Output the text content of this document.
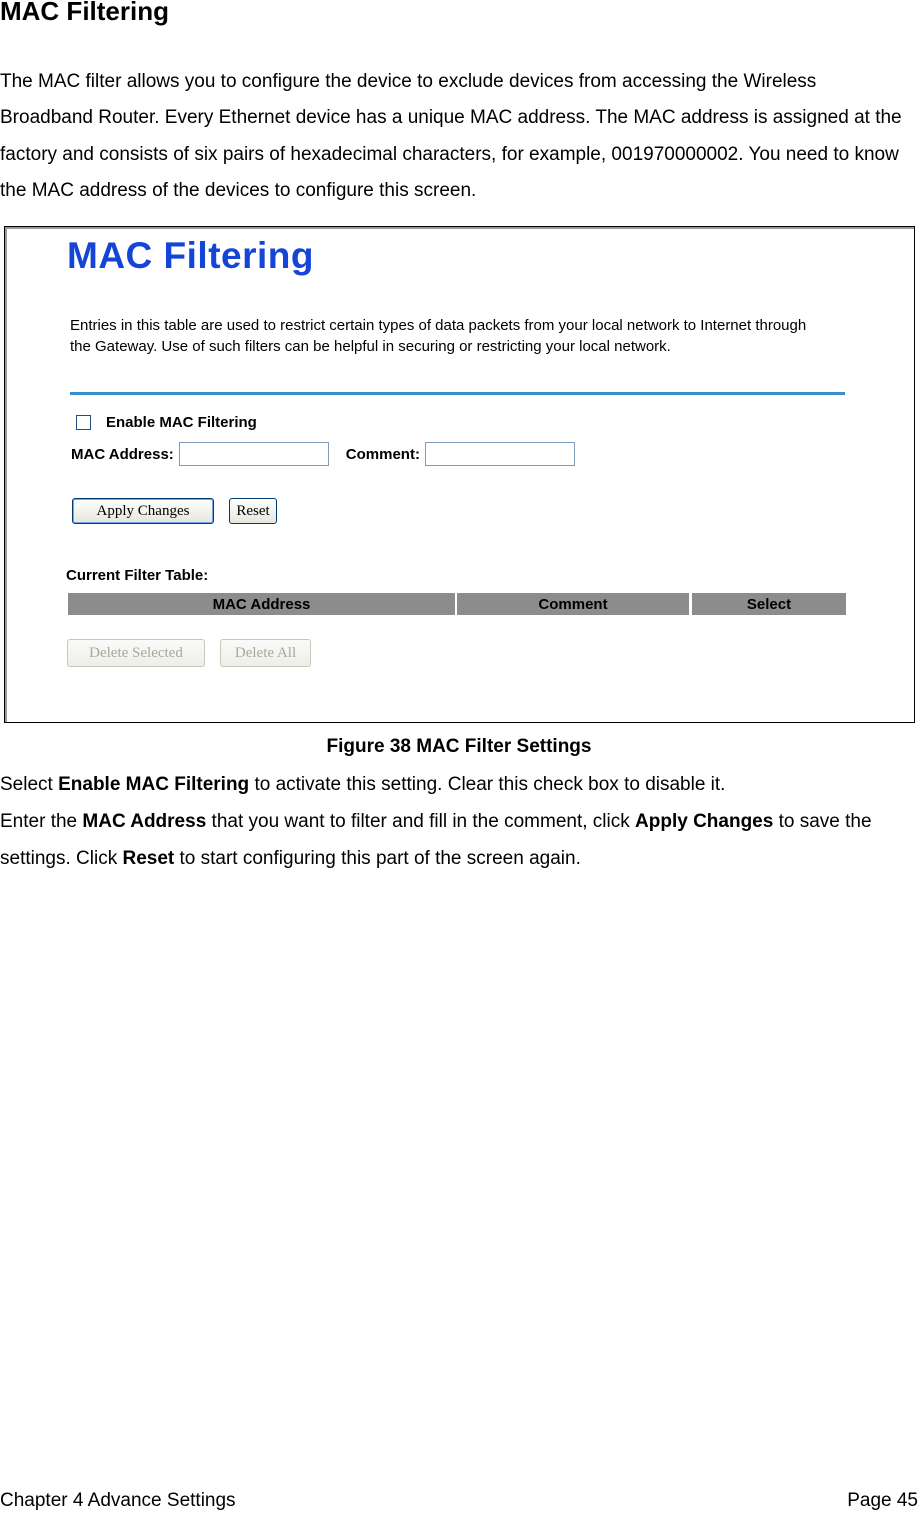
MAC Filtering

The MAC filter allows you to configure the device to exclude devices from accessing the Wireless Broadband Router. Every Ethernet device has a unique MAC address. The MAC address is assigned at the factory and consists of six pairs of hexadecimal characters, for example, 001970000002. You need to know the MAC address of the devices to configure this screen.

MAC Filtering

Entries in this table are used to restrict certain types of data packets from your local network to Internet through the Gateway. Use of such filters can be helpful in securing or restricting your local network.

Enable MAC Filtering
MAC Address:	Comment:
Apply Changes	Reset
Current Filter Table:
MAC Address	Comment	Select
Delete Selected	Delete All

Figure 38 MAC Filter Settings

Select Enable MAC Filtering to activate this setting. Clear this check box to disable it.
Enter the MAC Address that you want to filter and fill in the comment, click Apply Changes to save the settings. Click Reset to start configuring this part of the screen again.
Chapter 4 Advance Settings	Page 45
